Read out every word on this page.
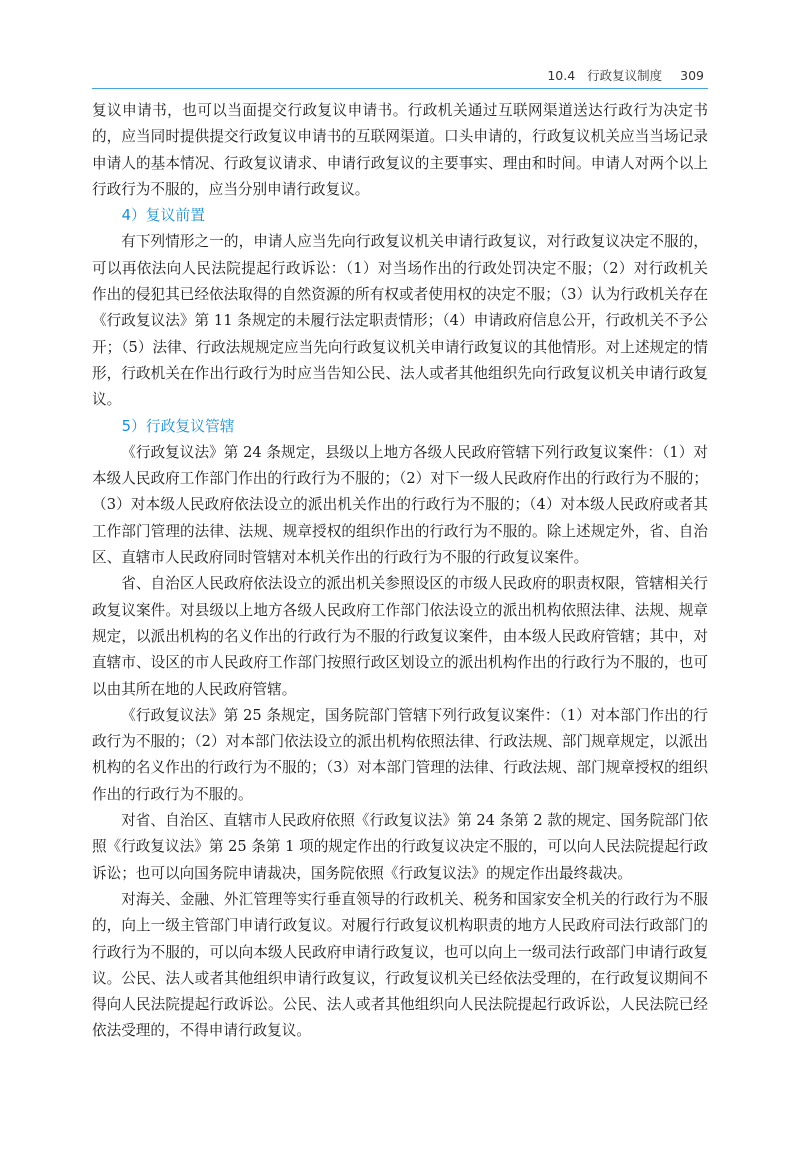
10.4 行政复议制度 309

复议申请书，也可以当面提交行政复议申请书。行政机关通过互联网渠道送达行政行为决定书的，应当同时提供提交行政复议申请书的互联网渠道。口头申请的，行政复议机关应当当场记录申请人的基本情况、行政复议请求、申请行政复议的主要事实、理由和时间。申请人对两个以上行政行为不服的，应当分别申请行政复议。

4）复议前置

有下列情形之一的，申请人应当先向行政复议机关申请行政复议，对行政复议决定不服的，可以再依法向人民法院提起行政诉讼：（1）对当场作出的行政处罚决定不服；（2）对行政机关作出的侵犯其已经依法取得的自然资源的所有权或者使用权的决定不服；（3）认为行政机关存在《行政复议法》第 11 条规定的未履行法定职责情形；（4）申请政府信息公开，行政机关不予公开；（5）法律、行政法规规定应当先向行政复议机关申请行政复议的其他情形。对上述规定的情形，行政机关在作出行政行为时应当告知公民、法人或者其他组织先向行政复议机关申请行政复议。

5）行政复议管辖

《行政复议法》第 24 条规定，县级以上地方各级人民政府管辖下列行政复议案件：（1）对本级人民政府工作部门作出的行政行为不服的；（2）对下一级人民政府作出的行政行为不服的；（3）对本级人民政府依法设立的派出机关作出的行政行为不服的；（4）对本级人民政府或者其工作部门管理的法律、法规、规章授权的组织作出的行政行为不服的。除上述规定外，省、自治区、直辖市人民政府同时管辖对本机关作出的行政行为不服的行政复议案件。

省、自治区人民政府依法设立的派出机关参照设区的市级人民政府的职责权限，管辖相关行政复议案件。对县级以上地方各级人民政府工作部门依法设立的派出机构依照法律、法规、规章规定，以派出机构的名义作出的行政行为不服的行政复议案件，由本级人民政府管辖；其中，对直辖市、设区的市人民政府工作部门按照行政区划设立的派出机构作出的行政行为不服的，也可以由其所在地的人民政府管辖。

《行政复议法》第 25 条规定，国务院部门管辖下列行政复议案件：（1）对本部门作出的行政行为不服的；（2）对本部门依法设立的派出机构依照法律、行政法规、部门规章规定，以派出机构的名义作出的行政行为不服的；（3）对本部门管理的法律、行政法规、部门规章授权的组织作出的行政行为不服的。

对省、自治区、直辖市人民政府依照《行政复议法》第 24 条第 2 款的规定、国务院部门依照《行政复议法》第 25 条第 1 项的规定作出的行政复议决定不服的，可以向人民法院提起行政诉讼；也可以向国务院申请裁决，国务院依照《行政复议法》的规定作出最终裁决。

对海关、金融、外汇管理等实行垂直领导的行政机关、税务和国家安全机关的行政行为不服的，向上一级主管部门申请行政复议。对履行行政复议机构职责的地方人民政府司法行政部门的行政行为不服的，可以向本级人民政府申请行政复议，也可以向上一级司法行政部门申请行政复议。公民、法人或者其他组织申请行政复议，行政复议机关已经依法受理的，在行政复议期间不得向人民法院提起行政诉讼。公民、法人或者其他组织向人民法院提起行政诉讼，人民法院已经依法受理的，不得申请行政复议。
